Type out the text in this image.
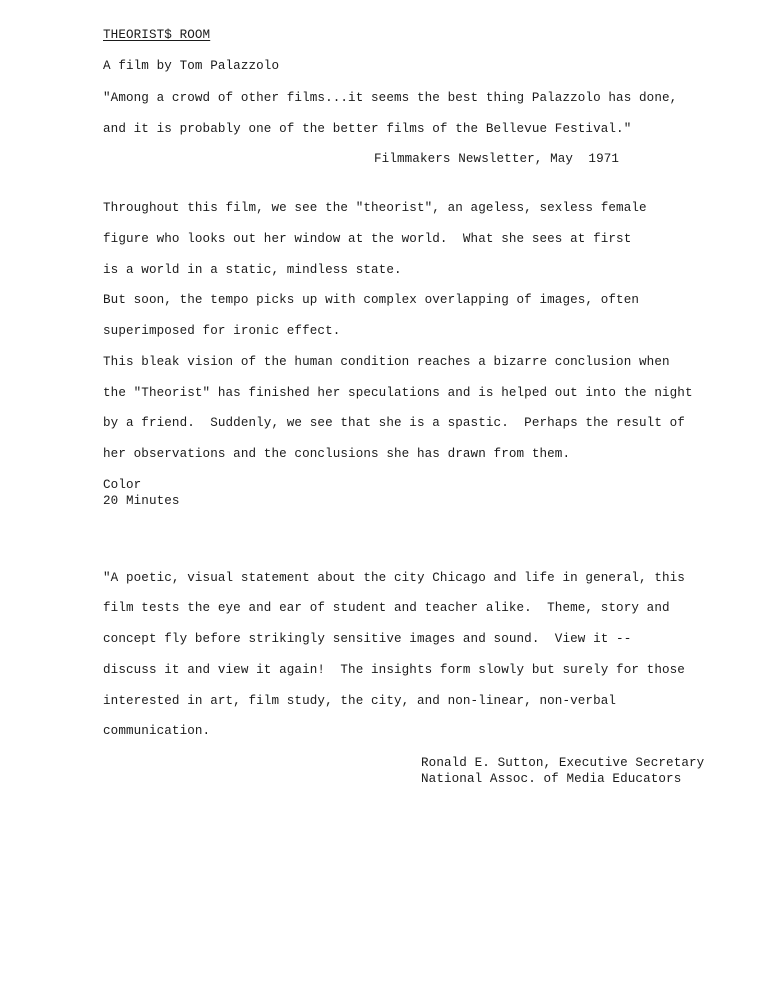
THEORIST$ ROOM
A film by Tom Palazzolo
"Among a crowd of other films...it seems the best thing Palazzolo has done,
and it is probably one of the better films of the Bellevue Festival."
Filmmakers Newsletter, May  1971
Throughout this film, we see the "theorist", an ageless, sexless female
figure who looks out her window at the world.  What she sees at first
is a world in a static, mindless state.
But soon, the tempo picks up with complex overlapping of images, often
superimposed for ironic effect.
This bleak vision of the human condition reaches a bizarre conclusion when
the "Theorist" has finished her speculations and is helped out into the night
by a friend.  Suddenly, we see that she is a spastic.  Perhaps the result of
her observations and the conclusions she has drawn from them.
Color
20 Minutes
"A poetic, visual statement about the city Chicago and life in general, this
film tests the eye and ear of student and teacher alike.  Theme, story and
concept fly before strikingly sensitive images and sound.  View it --
discuss it and view it again!  The insights form slowly but surely for those
interested in art, film study, the city, and non-linear, non-verbal
communication.
Ronald E. Sutton, Executive Secretary
National Assoc. of Media Educators
